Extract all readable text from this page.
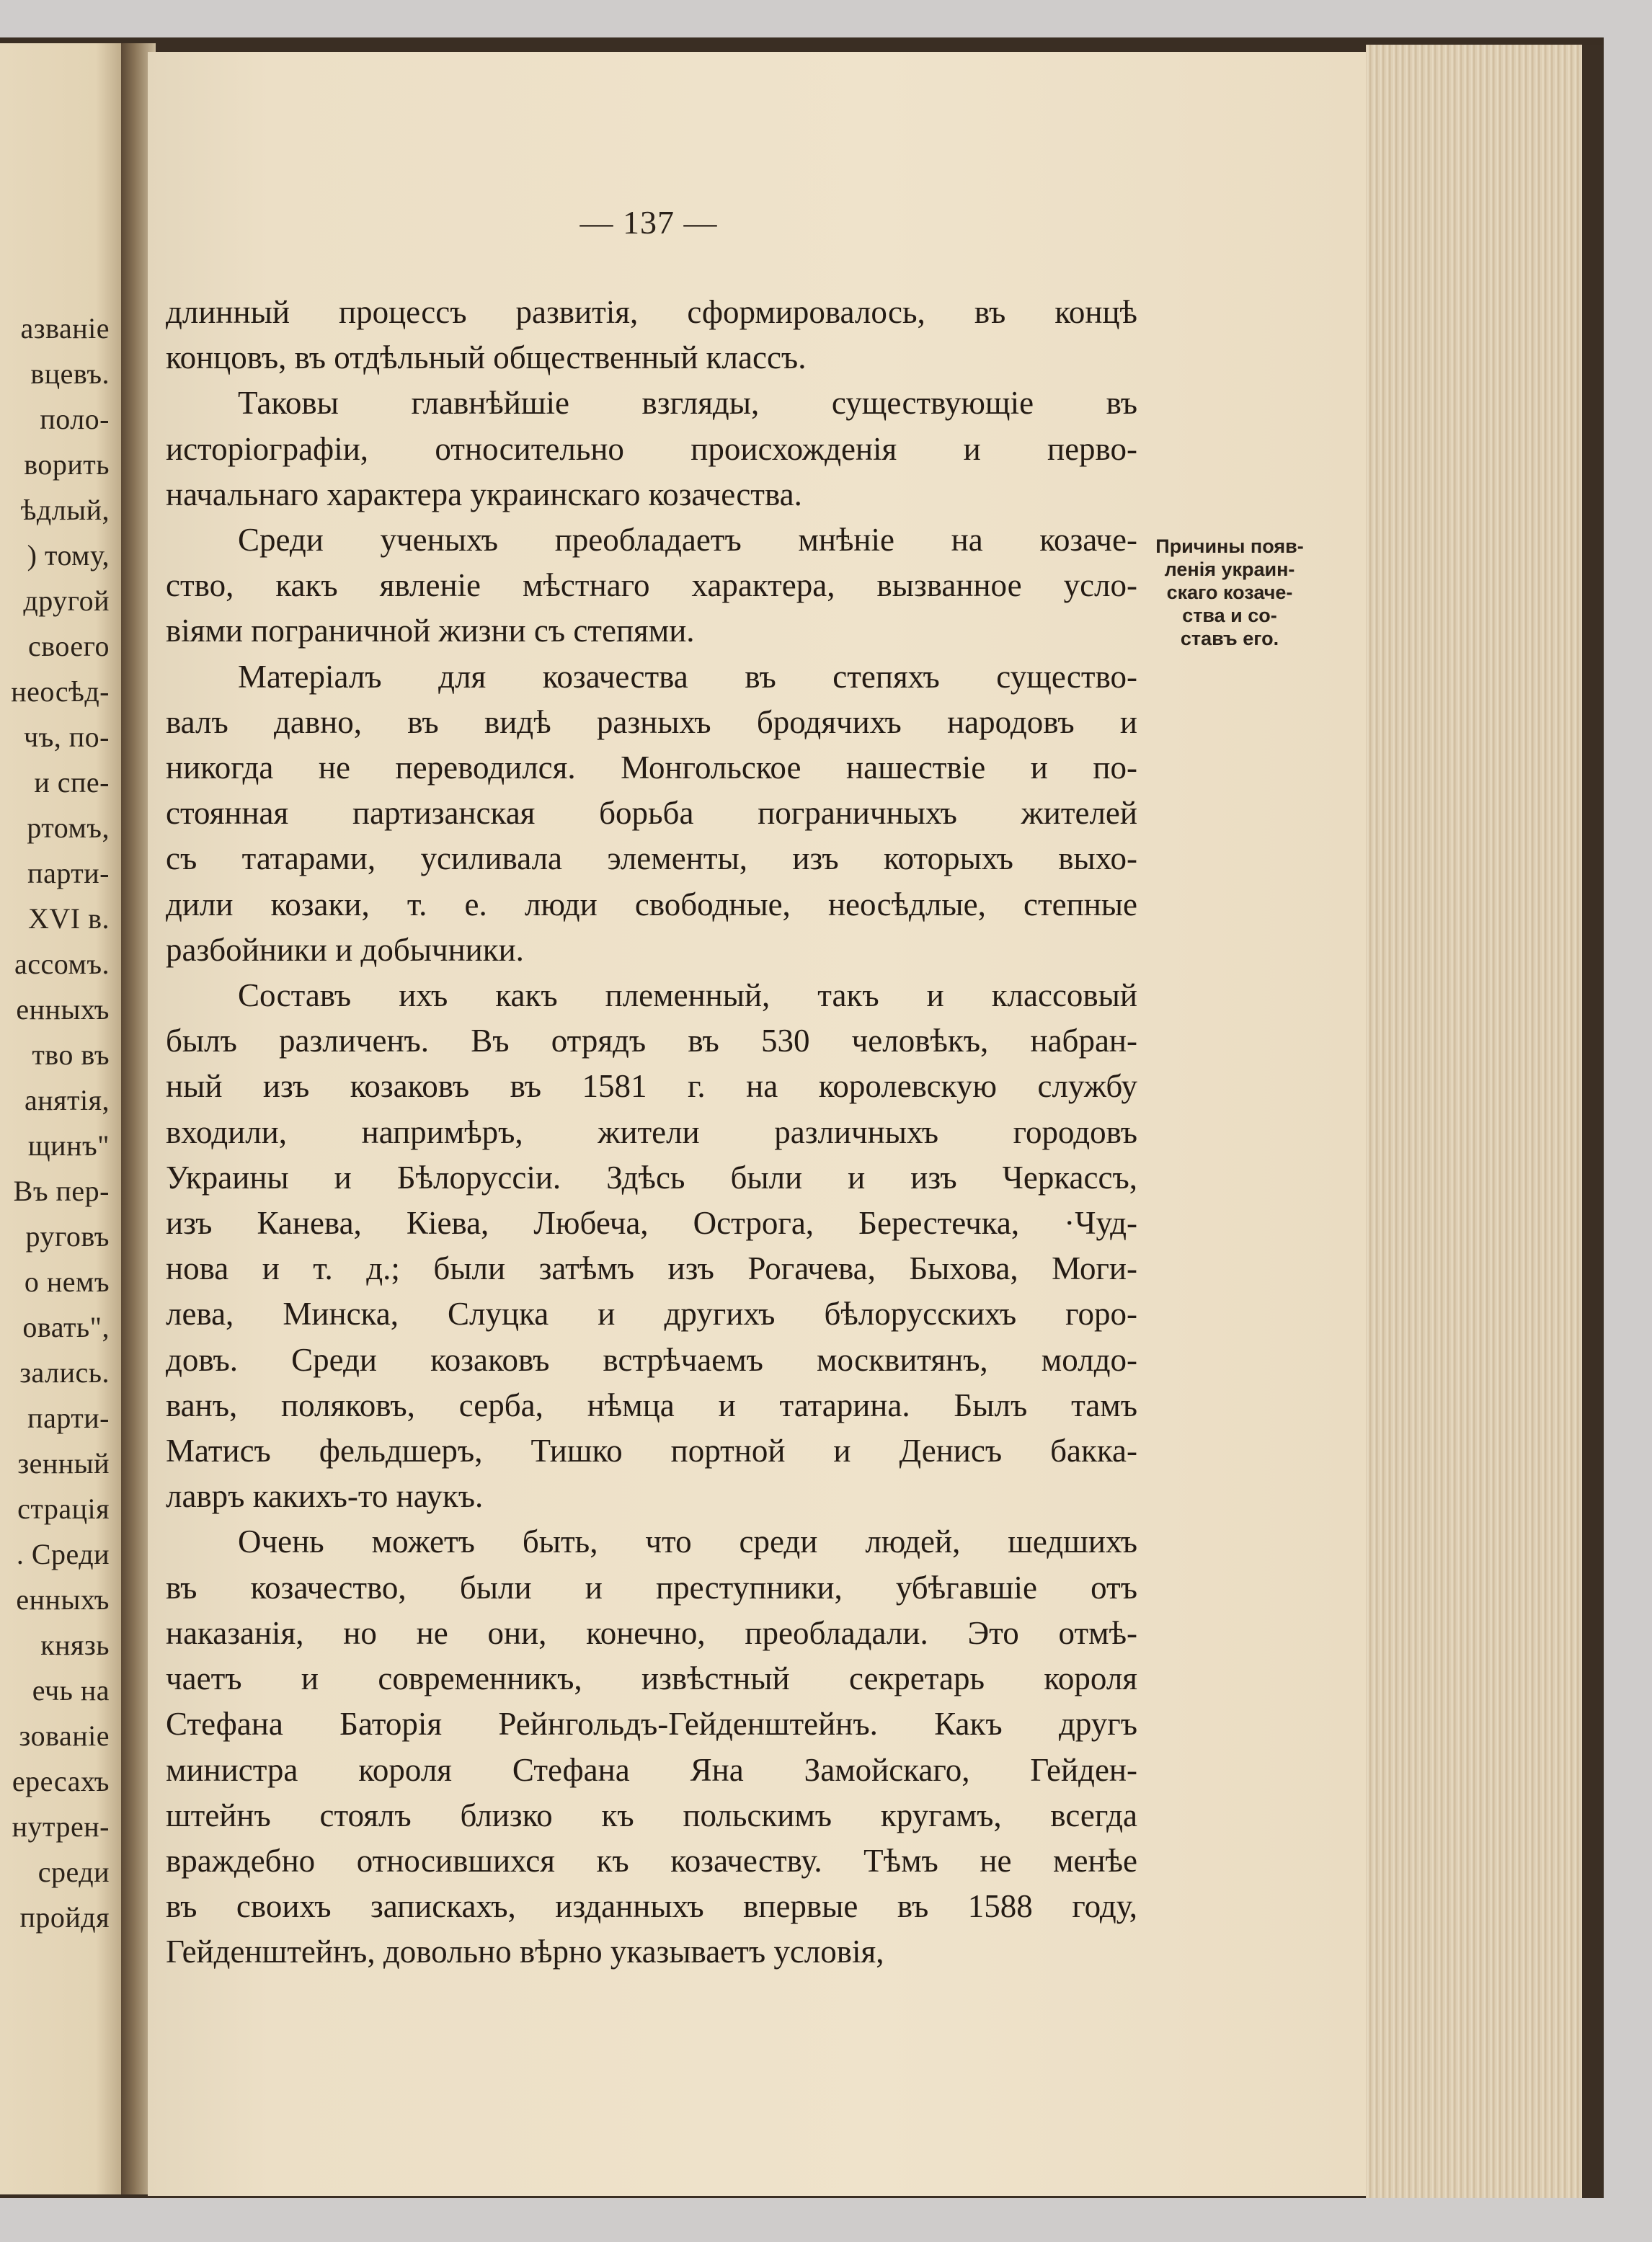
азваніе
вцевъ.
поло-
ворить
ѣдлый,
) тому,
другой
своего
неосѣд-
чъ, по-
и спе-
ртомъ,
парти-
XVI в.
ассомъ.
енныхъ
тво въ
анятія,
щинъ"
Въ пер-
руговъ
о немъ
овать",
зались.
парти-
зенный
страція
. Среди
енныхъ
князь
ечь на
зованіе
ересахъ
нутрен-
среди
пройдя
— 137 —
длинный процессъ развитія, сформировалось, въ концѣ
концовъ, въ отдѣльный общественный классъ.
Таковы главнѣйшіе взгляды, существующіе въ
исторіографіи, относительно происхожденія и перво-
начальнаго характера украинскаго козачества.
Среди ученыхъ преобладаетъ мнѣніе на козаче-
ство, какъ явленіе мѣстнаго характера, вызванное усло-
віями пограничной жизни съ степями.
Матеріалъ для козачества въ степяхъ существо-
валъ давно, въ видѣ разныхъ бродячихъ народовъ и
никогда не переводился. Монгольское нашествіе и по-
стоянная партизанская борьба пограничныхъ жителей
съ татарами, усиливала элементы, изъ которыхъ выхо-
дили козаки, т. е. люди свободные, неосѣдлые, степные
разбойники и добычники.
Составъ ихъ какъ племенный, такъ и классовый
былъ различенъ. Въ отрядъ въ 530 человѣкъ, набран-
ный изъ козаковъ въ 1581 г. на королевскую службу
входили, напримѣръ, жители различныхъ городовъ
Украины и Бѣлоруссіи. Здѣсь были и изъ Черкассъ,
изъ Канева, Кіева, Любеча, Острога, Берестечка, ·Чуд-
нова и т. д.; были затѣмъ изъ Рогачева, Быхова, Моги-
лева, Минска, Слуцка и другихъ бѣлорусскихъ горо-
довъ. Среди козаковъ встрѣчаемъ москвитянъ, молдо-
ванъ, поляковъ, серба, нѣмца и татарина. Былъ тамъ
Матисъ фельдшеръ, Тишко портной и Денисъ бакка-
лавръ какихъ-то наукъ.
Очень можетъ быть, что среди людей, шедшихъ
въ козачество, были и преступники, убѣгавшіе отъ
наказанія, но не они, конечно, преобладали. Это отмѣ-
чаетъ и современникъ, извѣстный секретарь короля
Стефана Баторія Рейнгольдъ-Гейденштейнъ. Какъ другъ
министра короля Стефана Яна Замойскаго, Гейден-
штейнъ стоялъ близко къ польскимъ кругамъ, всегда
враждебно относившихся къ козачеству. Тѣмъ не менѣе
въ своихъ запискахъ, изданныхъ впервые въ 1588 году,
Гейденштейнъ, довольно вѣрно указываетъ условія,
Причины появ-
ленія украин-
скаго козаче-
ства и со-
ставъ его.
